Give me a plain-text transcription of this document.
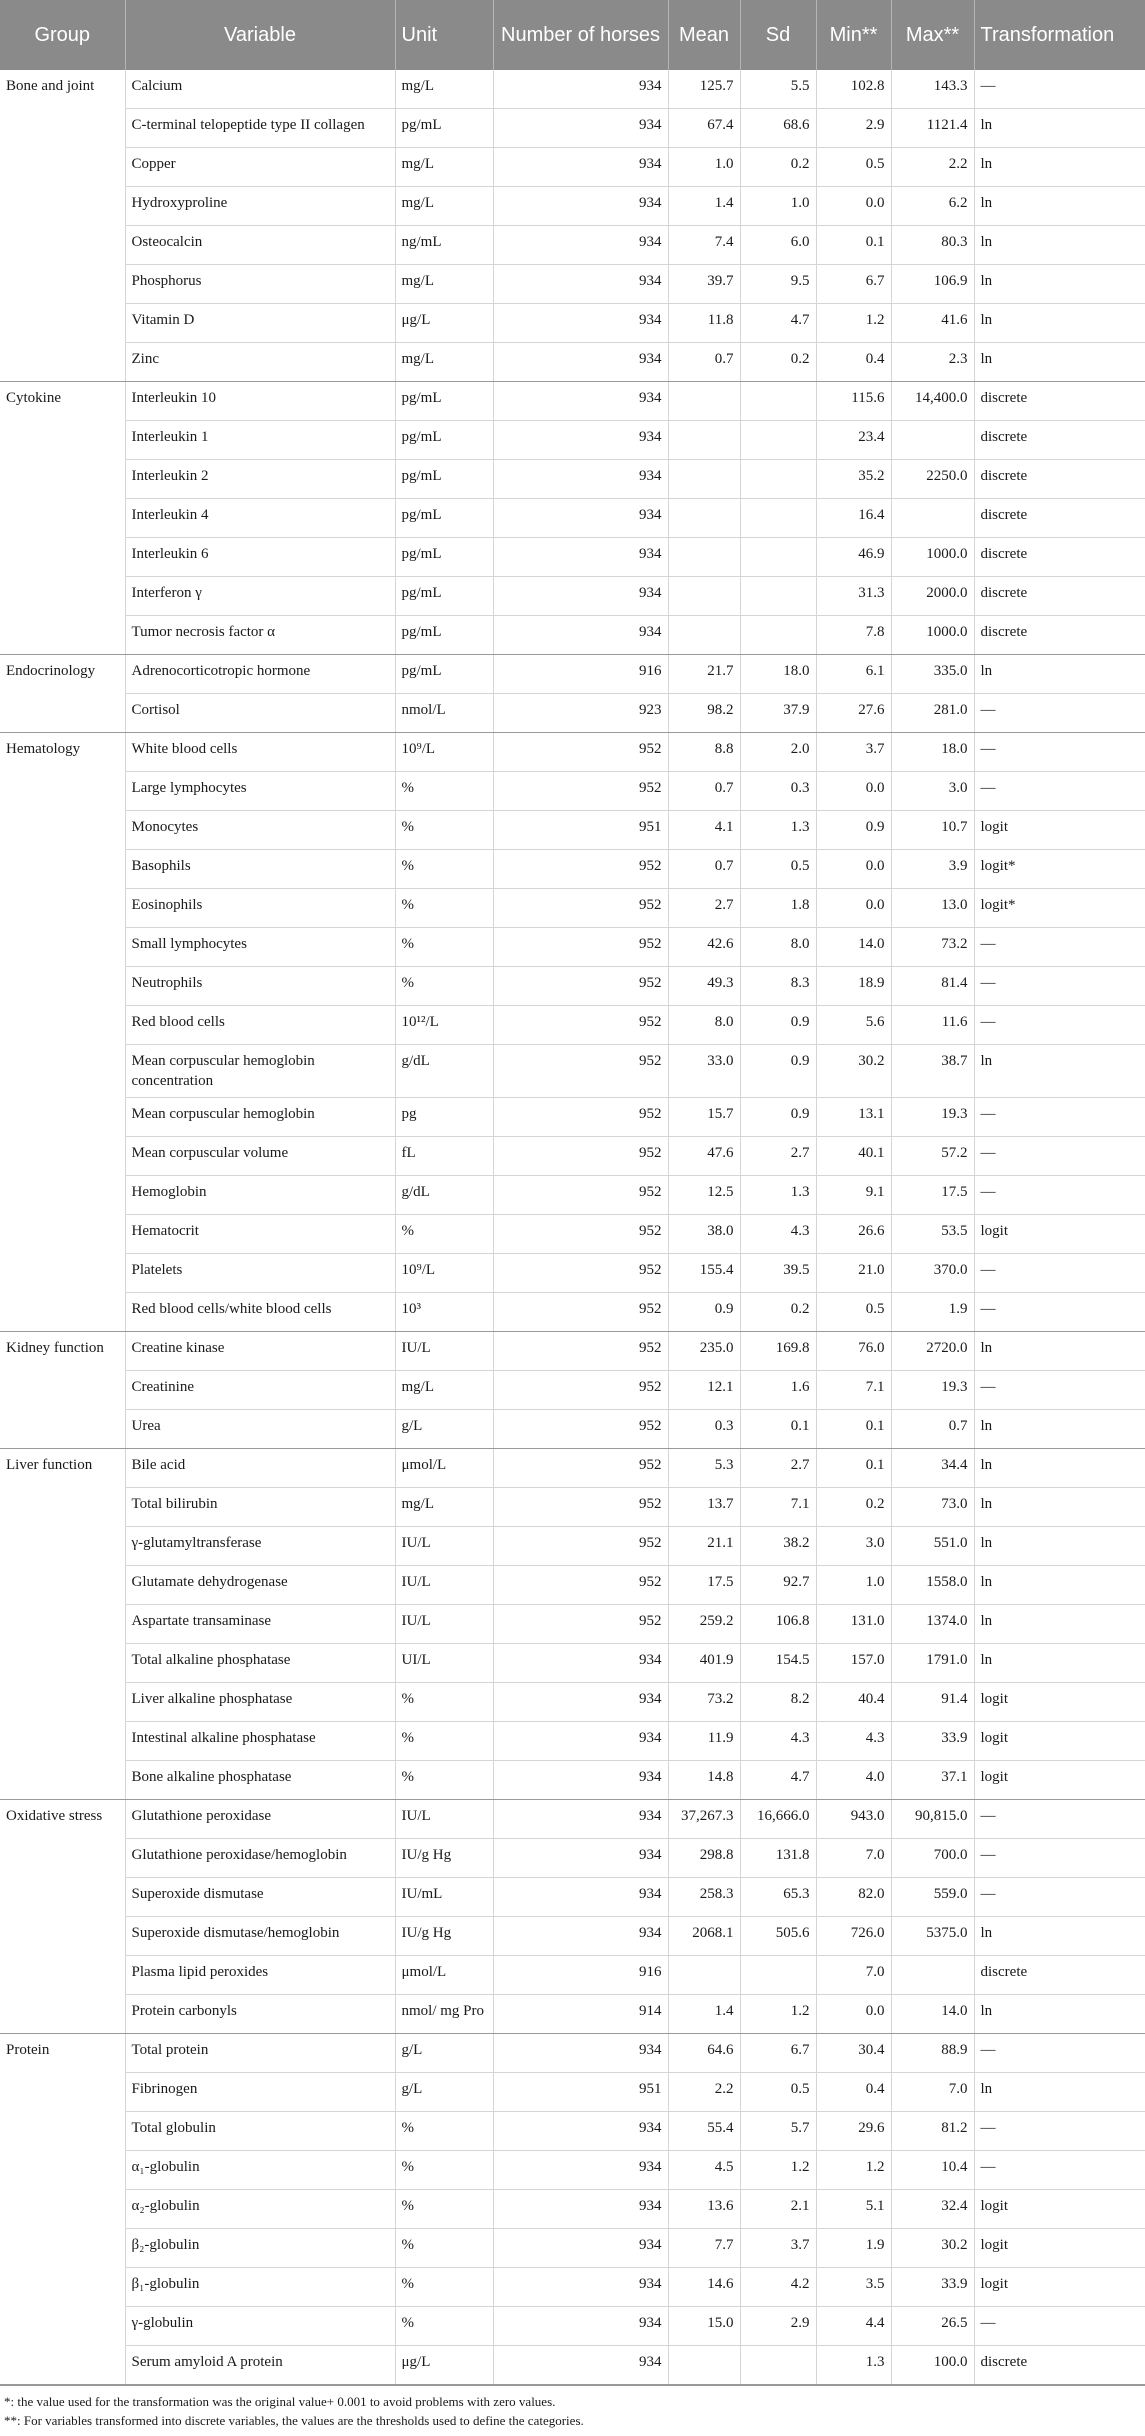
Group	Variable	Unit	Number of horses	Mean	Sd	Min**	Max**	Transformation
Bone and joint	Calcium	mg/L	934	125.7	5.5	102.8	143.3	—
	C-terminal telopeptide type II collagen	pg/mL	934	67.4	68.6	2.9	1121.4	ln
	Copper	mg/L	934	1.0	0.2	0.5	2.2	ln
	Hydroxyproline	mg/L	934	1.4	1.0	0.0	6.2	ln
	Osteocalcin	ng/mL	934	7.4	6.0	0.1	80.3	ln
	Phosphorus	mg/L	934	39.7	9.5	6.7	106.9	ln
	Vitamin D	μg/L	934	11.8	4.7	1.2	41.6	ln
	Zinc	mg/L	934	0.7	0.2	0.4	2.3	ln
Cytokine	Interleukin 10	pg/mL	934			115.6	14,400.0	discrete
	Interleukin 1	pg/mL	934			23.4		discrete
	Interleukin 2	pg/mL	934			35.2	2250.0	discrete
	Interleukin 4	pg/mL	934			16.4		discrete
	Interleukin 6	pg/mL	934			46.9	1000.0	discrete
	Interferon γ	pg/mL	934			31.3	2000.0	discrete
	Tumor necrosis factor α	pg/mL	934			7.8	1000.0	discrete
Endocrinology	Adrenocorticotropic hormone	pg/mL	916	21.7	18.0	6.1	335.0	ln
	Cortisol	nmol/L	923	98.2	37.9	27.6	281.0	—
Hematology	White blood cells	10⁹/L	952	8.8	2.0	3.7	18.0	—
	Large lymphocytes	%	952	0.7	0.3	0.0	3.0	—
	Monocytes	%	951	4.1	1.3	0.9	10.7	logit
	Basophils	%	952	0.7	0.5	0.0	3.9	logit*
	Eosinophils	%	952	2.7	1.8	0.0	13.0	logit*
	Small lymphocytes	%	952	42.6	8.0	14.0	73.2	—
	Neutrophils	%	952	49.3	8.3	18.9	81.4	—
	Red blood cells	10¹²/L	952	8.0	0.9	5.6	11.6	—
	Mean corpuscular hemoglobin concentration	g/dL	952	33.0	0.9	30.2	38.7	ln
	Mean corpuscular hemoglobin	pg	952	15.7	0.9	13.1	19.3	—
	Mean corpuscular volume	fL	952	47.6	2.7	40.1	57.2	—
	Hemoglobin	g/dL	952	12.5	1.3	9.1	17.5	—
	Hematocrit	%	952	38.0	4.3	26.6	53.5	logit
	Platelets	10⁹/L	952	155.4	39.5	21.0	370.0	—
	Red blood cells/white blood cells	10³	952	0.9	0.2	0.5	1.9	—
Kidney function	Creatine kinase	IU/L	952	235.0	169.8	76.0	2720.0	ln
	Creatinine	mg/L	952	12.1	1.6	7.1	19.3	—
	Urea	g/L	952	0.3	0.1	0.1	0.7	ln
Liver function	Bile acid	μmol/L	952	5.3	2.7	0.1	34.4	ln
	Total bilirubin	mg/L	952	13.7	7.1	0.2	73.0	ln
	γ-glutamyltransferase	IU/L	952	21.1	38.2	3.0	551.0	ln
	Glutamate dehydrogenase	IU/L	952	17.5	92.7	1.0	1558.0	ln
	Aspartate transaminase	IU/L	952	259.2	106.8	131.0	1374.0	ln
	Total alkaline phosphatase	UI/L	934	401.9	154.5	157.0	1791.0	ln
	Liver alkaline phosphatase	%	934	73.2	8.2	40.4	91.4	logit
	Intestinal alkaline phosphatase	%	934	11.9	4.3	4.3	33.9	logit
	Bone alkaline phosphatase	%	934	14.8	4.7	4.0	37.1	logit
Oxidative stress	Glutathione peroxidase	IU/L	934	37,267.3	16,666.0	943.0	90,815.0	—
	Glutathione peroxidase/hemoglobin	IU/g Hg	934	298.8	131.8	7.0	700.0	—
	Superoxide dismutase	IU/mL	934	258.3	65.3	82.0	559.0	—
	Superoxide dismutase/hemoglobin	IU/g Hg	934	2068.1	505.6	726.0	5375.0	ln
	Plasma lipid peroxides	μmol/L	916			7.0		discrete
	Protein carbonyls	nmol/ mg Pro	914	1.4	1.2	0.0	14.0	ln
Protein	Total protein	g/L	934	64.6	6.7	30.4	88.9	—
	Fibrinogen	g/L	951	2.2	0.5	0.4	7.0	ln
	Total globulin	%	934	55.4	5.7	29.6	81.2	—
	α₁-globulin	%	934	4.5	1.2	1.2	10.4	—
	α₂-globulin	%	934	13.6	2.1	5.1	32.4	logit
	β₂-globulin	%	934	7.7	3.7	1.9	30.2	logit
	β₁-globulin	%	934	14.6	4.2	3.5	33.9	logit
	γ-globulin	%	934	15.0	2.9	4.4	26.5	—
	Serum amyloid A protein	μg/L	934			1.3	100.0	discrete
*: the value used for the transformation was the original value+ 0.001 to avoid problems with zero values.
**: For variables transformed into discrete variables, the values are the thresholds used to define the categories.
